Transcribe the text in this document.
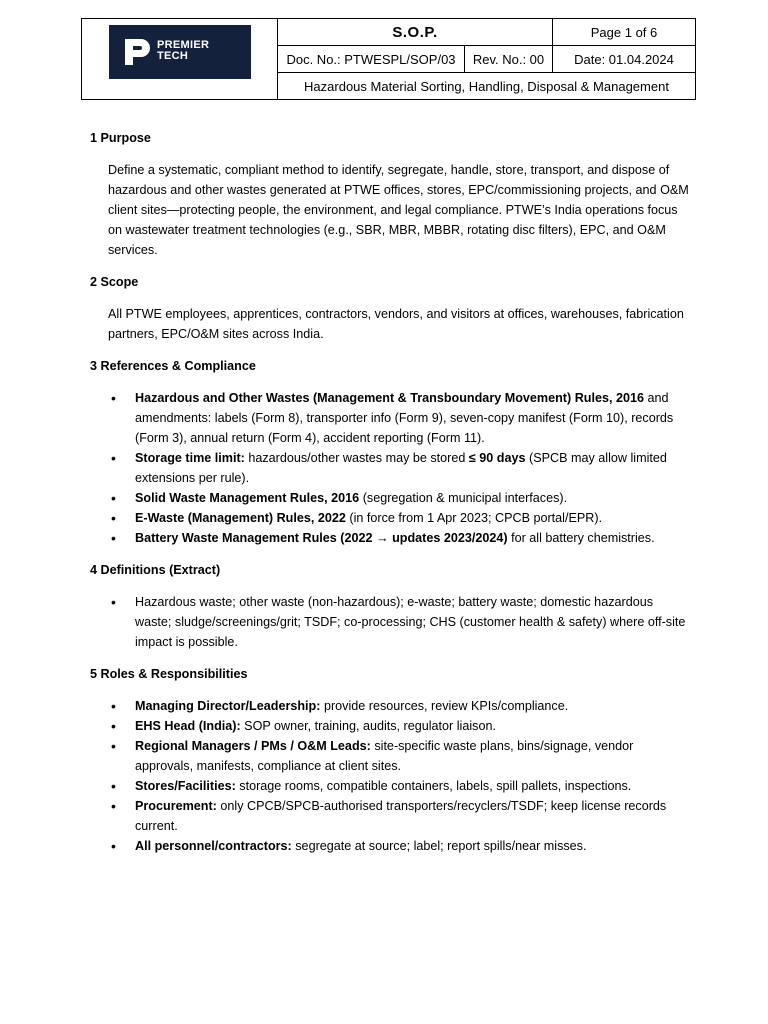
PREMIER
TECH
S.O.P.	Page 1 of 6
Doc. No.: PTWESPL/SOP/03	Rev. No.: 00	Date: 01.04.2024
Hazardous Material Sorting, Handling, Disposal & Management
1 Purpose
Define a systematic, compliant method to identify, segregate, handle, store, transport, and dispose of hazardous and other wastes generated at PTWE offices, stores, EPC/commissioning projects, and O&M client sites—protecting people, the environment, and legal compliance. PTWE’s India operations focus on wastewater treatment technologies (e.g., SBR, MBR, MBBR, rotating disc filters), EPC, and O&M services.
2 Scope
All PTWE employees, apprentices, contractors, vendors, and visitors at offices, warehouses, fabrication partners, EPC/O&M sites across India.
3 References & Compliance
• Hazardous and Other Wastes (Management & Transboundary Movement) Rules, 2016 and amendments: labels (Form 8), transporter info (Form 9), seven-copy manifest (Form 10), records (Form 3), annual return (Form 4), accident reporting (Form 11).
• Storage time limit: hazardous/other wastes may be stored ≤ 90 days (SPCB may allow limited extensions per rule).
• Solid Waste Management Rules, 2016 (segregation & municipal interfaces).
• E-Waste (Management) Rules, 2022 (in force from 1 Apr 2023; CPCB portal/EPR).
• Battery Waste Management Rules (2022 → updates 2023/2024) for all battery chemistries.
4 Definitions (Extract)
• Hazardous waste; other waste (non-hazardous); e-waste; battery waste; domestic hazardous waste; sludge/screenings/grit; TSDF; co-processing; CHS (customer health & safety) where off-site impact is possible.
5 Roles & Responsibilities
• Managing Director/Leadership: provide resources, review KPIs/compliance.
• EHS Head (India): SOP owner, training, audits, regulator liaison.
• Regional Managers / PMs / O&M Leads: site-specific waste plans, bins/signage, vendor approvals, manifests, compliance at client sites.
• Stores/Facilities: storage rooms, compatible containers, labels, spill pallets, inspections.
• Procurement: only CPCB/SPCB-authorised transporters/recyclers/TSDF; keep license records current.
• All personnel/contractors: segregate at source; label; report spills/near misses.
